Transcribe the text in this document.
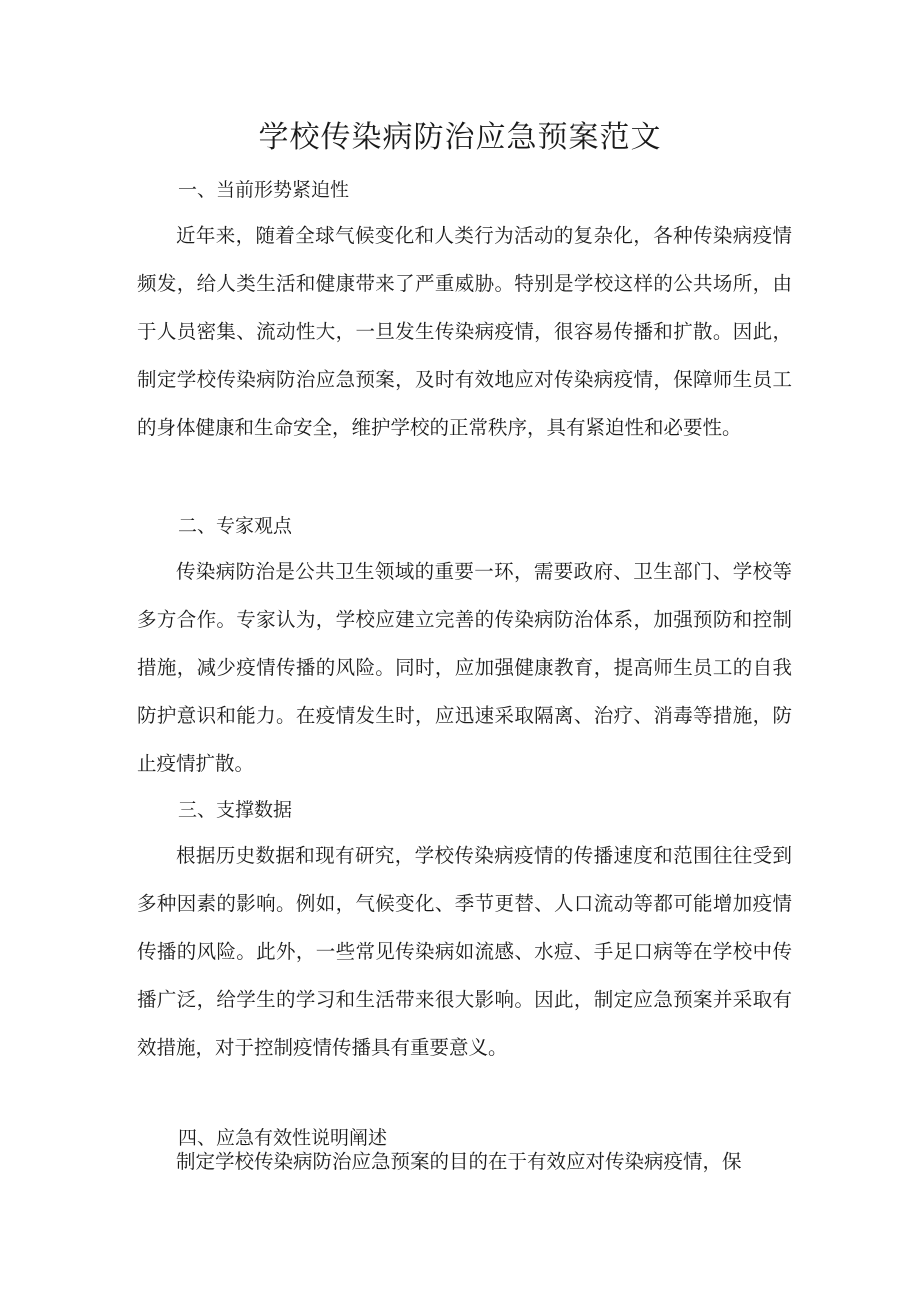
学校传染病防治应急预案范文
一、当前形势紧迫性

近年来，随着全球气候变化和人类行为活动的复杂化，各种传染病疫情频发，给人类生活和健康带来了严重威胁。特别是学校这样的公共场所，由于人员密集、流动性大，一旦发生传染病疫情，很容易传播和扩散。因此，制定学校传染病防治应急预案，及时有效地应对传染病疫情，保障师生员工的身体健康和生命安全，维护学校的正常秩序，具有紧迫性和必要性。

二、专家观点

传染病防治是公共卫生领域的重要一环，需要政府、卫生部门、学校等多方合作。专家认为，学校应建立完善的传染病防治体系，加强预防和控制措施，减少疫情传播的风险。同时，应加强健康教育，提高师生员工的自我防护意识和能力。在疫情发生时，应迅速采取隔离、治疗、消毒等措施，防止疫情扩散。

三、支撑数据

根据历史数据和现有研究，学校传染病疫情的传播速度和范围往往受到多种因素的影响。例如，气候变化、季节更替、人口流动等都可能增加疫情传播的风险。此外，一些常见传染病如流感、水痘、手足口病等在学校中传播广泛，给学生的学习和生活带来很大影响。因此，制定应急预案并采取有效措施，对于控制疫情传播具有重要意义。

四、应急有效性说明阐述

制定学校传染病防治应急预案的目的在于有效应对传染病疫情，保
